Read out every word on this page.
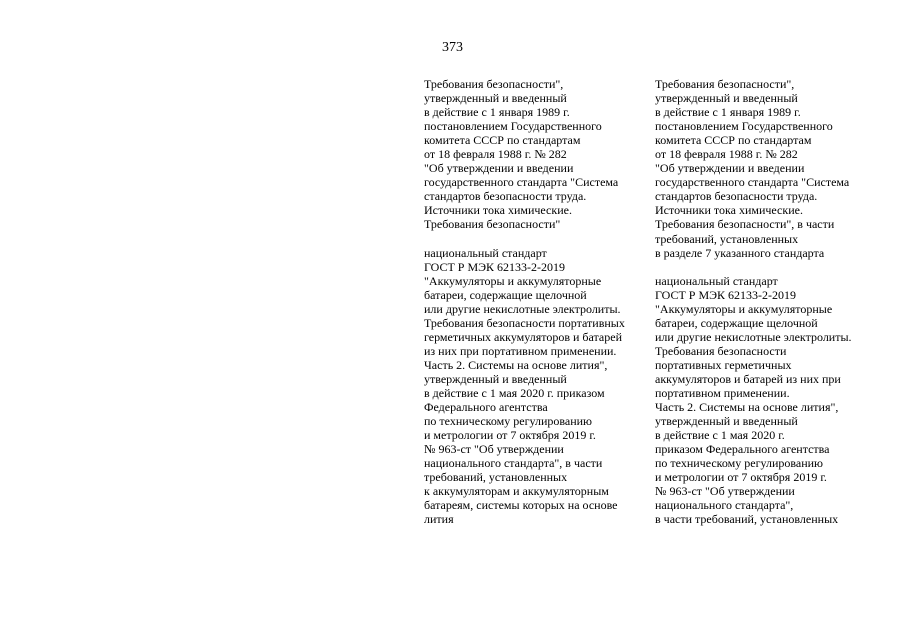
373
Требования безопасности",
утвержденный и введенный
в действие с 1 января 1989 г.
постановлением Государственного
комитета СССР по стандартам
от 18 февраля 1988 г. № 282
"Об утверждении и введении
государственного стандарта "Система
стандартов безопасности труда.
Источники тока химические.
Требования безопасности"
национальный стандарт
ГОСТ Р МЭК 62133-2-2019
"Аккумуляторы и аккумуляторные
батареи, содержащие щелочной
или другие некислотные электролиты.
Требования безопасности портативных
герметичных аккумуляторов и батарей
из них при портативном применении.
Часть 2. Системы на основе лития",
утвержденный и введенный
в действие с 1 мая 2020 г. приказом
Федерального агентства
по техническому регулированию
и метрологии от 7 октября 2019 г.
№ 963-ст "Об утверждении
национального стандарта", в части
требований, установленных
к аккумуляторам и аккумуляторным
батареям, системы которых на основе
лития
Требования безопасности",
утвержденный и введенный
в действие с 1 января 1989 г.
постановлением Государственного
комитета СССР по стандартам
от 18 февраля 1988 г. № 282
"Об утверждении и введении
государственного стандарта "Система
стандартов безопасности труда.
Источники тока химические.
Требования безопасности", в части
требований, установленных
в разделе 7 указанного стандарта
национальный стандарт
ГОСТ Р МЭК 62133-2-2019
"Аккумуляторы и аккумуляторные
батареи, содержащие щелочной
или другие некислотные электролиты.
Требования безопасности
портативных герметичных
аккумуляторов и батарей из них при
портативном применении.
Часть 2. Системы на основе лития",
утвержденный и введенный
в действие с 1 мая 2020 г.
приказом Федерального агентства
по техническому регулированию
и метрологии от 7 октября 2019 г.
№ 963-ст "Об утверждении
национального стандарта",
в части требований, установленных
